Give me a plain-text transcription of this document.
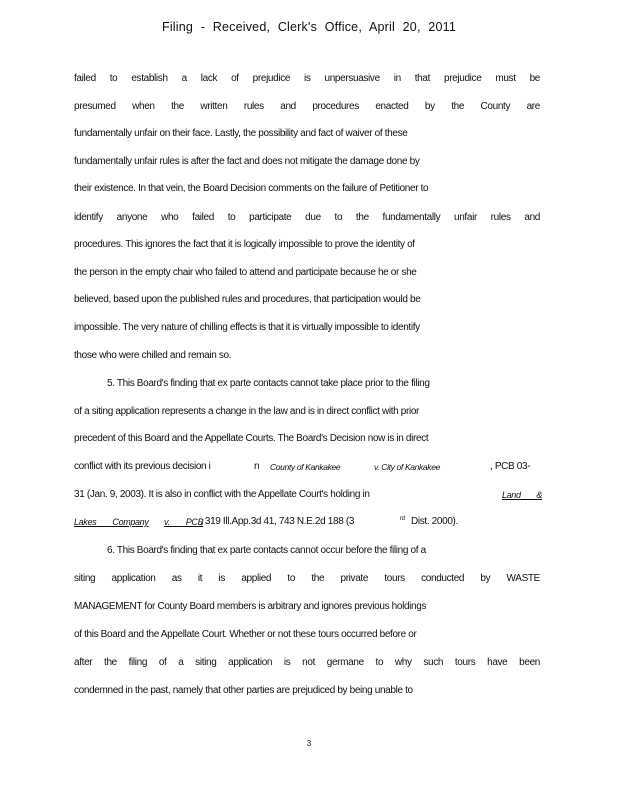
Filing - Received, Clerk's Office, April 20, 2011
failed to establish a lack of prejudice is unpersuasive in that prejudice must be
presumed when the written rules and procedures enacted by the County are
fundamentally unfair on their face. Lastly, the possibility and fact of waiver of these
fundamentally unfair rules is after the fact and does not mitigate the damage done by
their existence. In that vein, the Board Decision comments on the failure of Petitioner to
identify anyone who failed to participate due to the fundamentally unfair rules and
procedures. This ignores the fact that it is logically impossible to prove the identity of
the person in the empty chair who failed to attend and participate because he or she
believed, based upon the published rules and procedures, that participation would be
impossible. The very nature of chilling effects is that it is virtually impossible to identify
those who were chilled and remain so.
5. This Board's finding that ex parte contacts cannot take place prior to the filing
of a siting application represents a change in the law and is in direct conflict with prior
precedent of this Board and the Appellate Courts. The Board's Decision now is in direct
conflict with its previous decision i	n County of Kankakee	v. City of Kankakee	, PCB 03-
31 (Jan. 9, 2003). It is also in conflict with the Appellate Court's holding in	Land &
Lakes Company	v. PCB
, 319 Ill.App.3d 41, 743 N.E.2d 188 (3	rd Dist. 2000).
6. This Board's finding that ex parte contacts cannot occur before the filing of a
siting application as it is applied to the private tours conducted by WASTE
MANAGEMENT for County Board members is arbitrary and ignores previous holdings
of this Board and the Appellate Court. Whether or not these tours occurred before or
after the filing of a siting application is not germane to why such tours have been
condemned in the past, namely that other parties are prejudiced by being unable to
3
